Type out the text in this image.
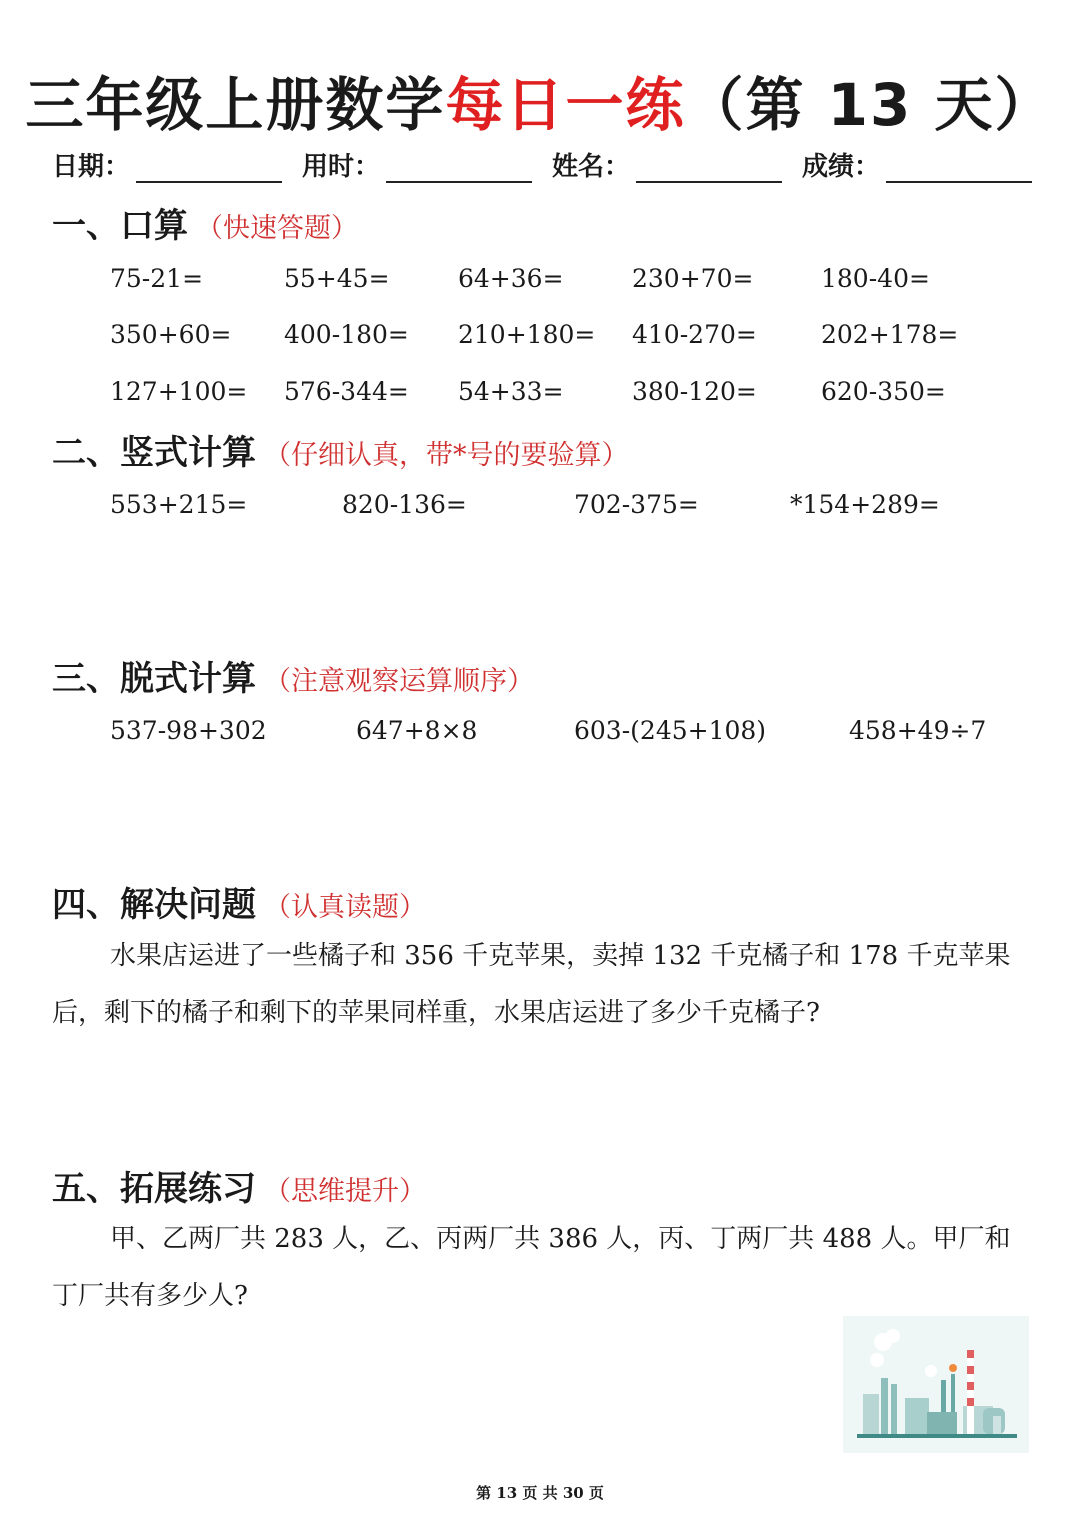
三年级上册数学每日一练（第 13 天）
日期：	用时：	姓名：	成绩：
一、口算 （快速答题）
75-21=	55+45=	64+36=	230+70=	180-40=
350+60= 400-180= 210+180= 410-270=	202+178=
127+100= 576-344= 54+33=	380-120=	620-350=
二、竖式计算 （仔细认真，带*号的要验算）
553+215=	820-136=	702-375=	*154+289=
三、脱式计算 （注意观察运算顺序）
537-98+302	647+8×8	603-(245+108)	458+49÷7
四、解决问题 （认真读题）
水果店运进了一些橘子和 356 千克苹果，卖掉 132 千克橘子和 178 千克苹果后，剩下的橘子和剩下的苹果同样重，水果店运进了多少千克橘子?
五、拓展练习 （思维提升）
甲、乙两厂共 283 人，乙、丙两厂共 386 人，丙、丁两厂共 488 人。甲厂和丁厂共有多少人?
第 13 页 共 30 页
